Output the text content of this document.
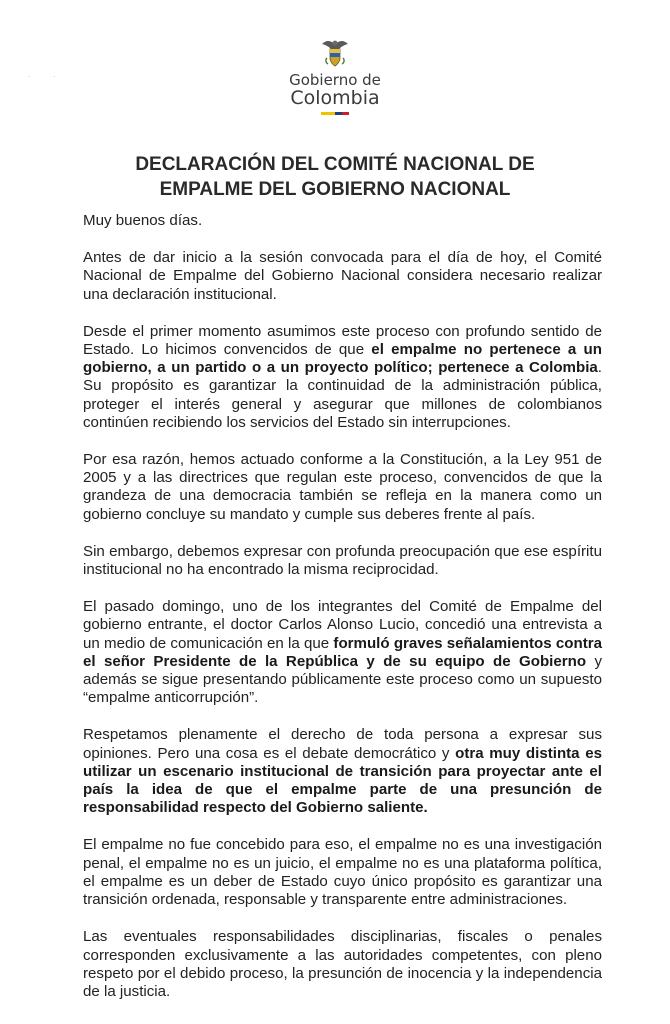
· ·	Gobierno de
Colombia
DECLARACIÓN DEL COMITÉ NACIONAL DE
EMPALME DEL GOBIERNO NACIONAL

Muy buenos días.

Antes de dar inicio a la sesión convocada para el día de hoy, el Comité Nacional de Empalme del Gobierno Nacional considera necesario realizar una declaración institucional.

Desde el primer momento asumimos este proceso con profundo sentido de Estado. Lo hicimos convencidos de que el empalme no pertenece a un gobierno, a un partido o a un proyecto político; pertenece a Colombia. Su propósito es garantizar la continuidad de la administración pública, proteger el interés general y asegurar que millones de colombianos continúen recibiendo los servicios del Estado sin interrupciones.

Por esa razón, hemos actuado conforme a la Constitución, a la Ley 951 de 2005 y a las directrices que regulan este proceso, convencidos de que la grandeza de una democracia también se refleja en la manera como un gobierno concluye su mandato y cumple sus deberes frente al país.

Sin embargo, debemos expresar con profunda preocupación que ese espíritu institucional no ha encontrado la misma reciprocidad.

El pasado domingo, uno de los integrantes del Comité de Empalme del gobierno entrante, el doctor Carlos Alonso Lucio, concedió una entrevista a un medio de comunicación en la que formuló graves señalamientos contra el señor Presidente de la República y de su equipo de Gobierno y además se sigue presentando públicamente este proceso como un supuesto “empalme anticorrupción”.

Respetamos plenamente el derecho de toda persona a expresar sus opiniones. Pero una cosa es el debate democrático y otra muy distinta es utilizar un escenario institucional de transición para proyectar ante el país la idea de que el empalme parte de una presunción de responsabilidad respecto del Gobierno saliente.

El empalme no fue concebido para eso, el empalme no es una investigación penal, el empalme no es un juicio, el empalme no es una plataforma política, el empalme es un deber de Estado cuyo único propósito es garantizar una transición ordenada, responsable y transparente entre administraciones.

Las eventuales responsabilidades disciplinarias, fiscales o penales corresponden exclusivamente a las autoridades competentes, con pleno respeto por el debido proceso, la presunción de inocencia y la independencia de la justicia.
